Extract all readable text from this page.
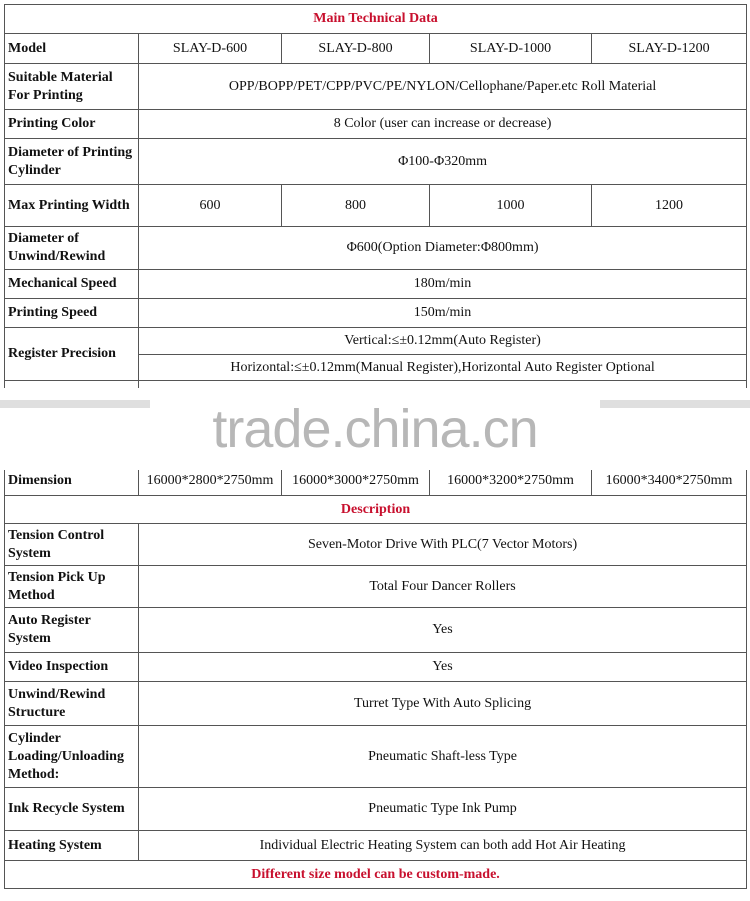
Main Technical Data				
Model	SLAY-D-600	SLAY-D-800	SLAY-D-1000	SLAY-D-1200
Suitable Material For Printing	OPP/BOPP/PET/CPP/PVC/PE/NYLON/Cellophane/Paper.etc Roll Material			
Printing Color	8 Color (user can increase or decrease)			
Diameter of Printing Cylinder	Φ100-Φ320mm			
Max Printing Width	600	800	1000	1200
Diameter of Unwind/Rewind	Φ600(Option Diameter:Φ800mm)			
Mechanical Speed	180m/min			
Printing Speed	150m/min			
Register Precision	Vertical:≤±0.12mm(Auto Register)			
	Horizontal:≤±0.12mm(Manual Register),Horizontal Auto Register Optional			

Dimension	16000*2800*2750mm	16000*3000*2750mm	16000*3200*2750mm	16000*3400*2750mm
Description				
Tension Control System	Seven-Motor Drive With PLC(7 Vector Motors)			
Tension Pick Up Method	Total Four Dancer Rollers			
Auto Register System	Yes			
Video Inspection	Yes			
Unwind/Rewind Structure	Turret Type With Auto Splicing			
Cylinder Loading/Unloading Method:	Pneumatic Shaft-less Type			
Ink Recycle System	Pneumatic Type Ink Pump			
Heating System	Individual Electric Heating System can both add Hot Air Heating			
Different size model can be custom-made.				
trade.china.cn
